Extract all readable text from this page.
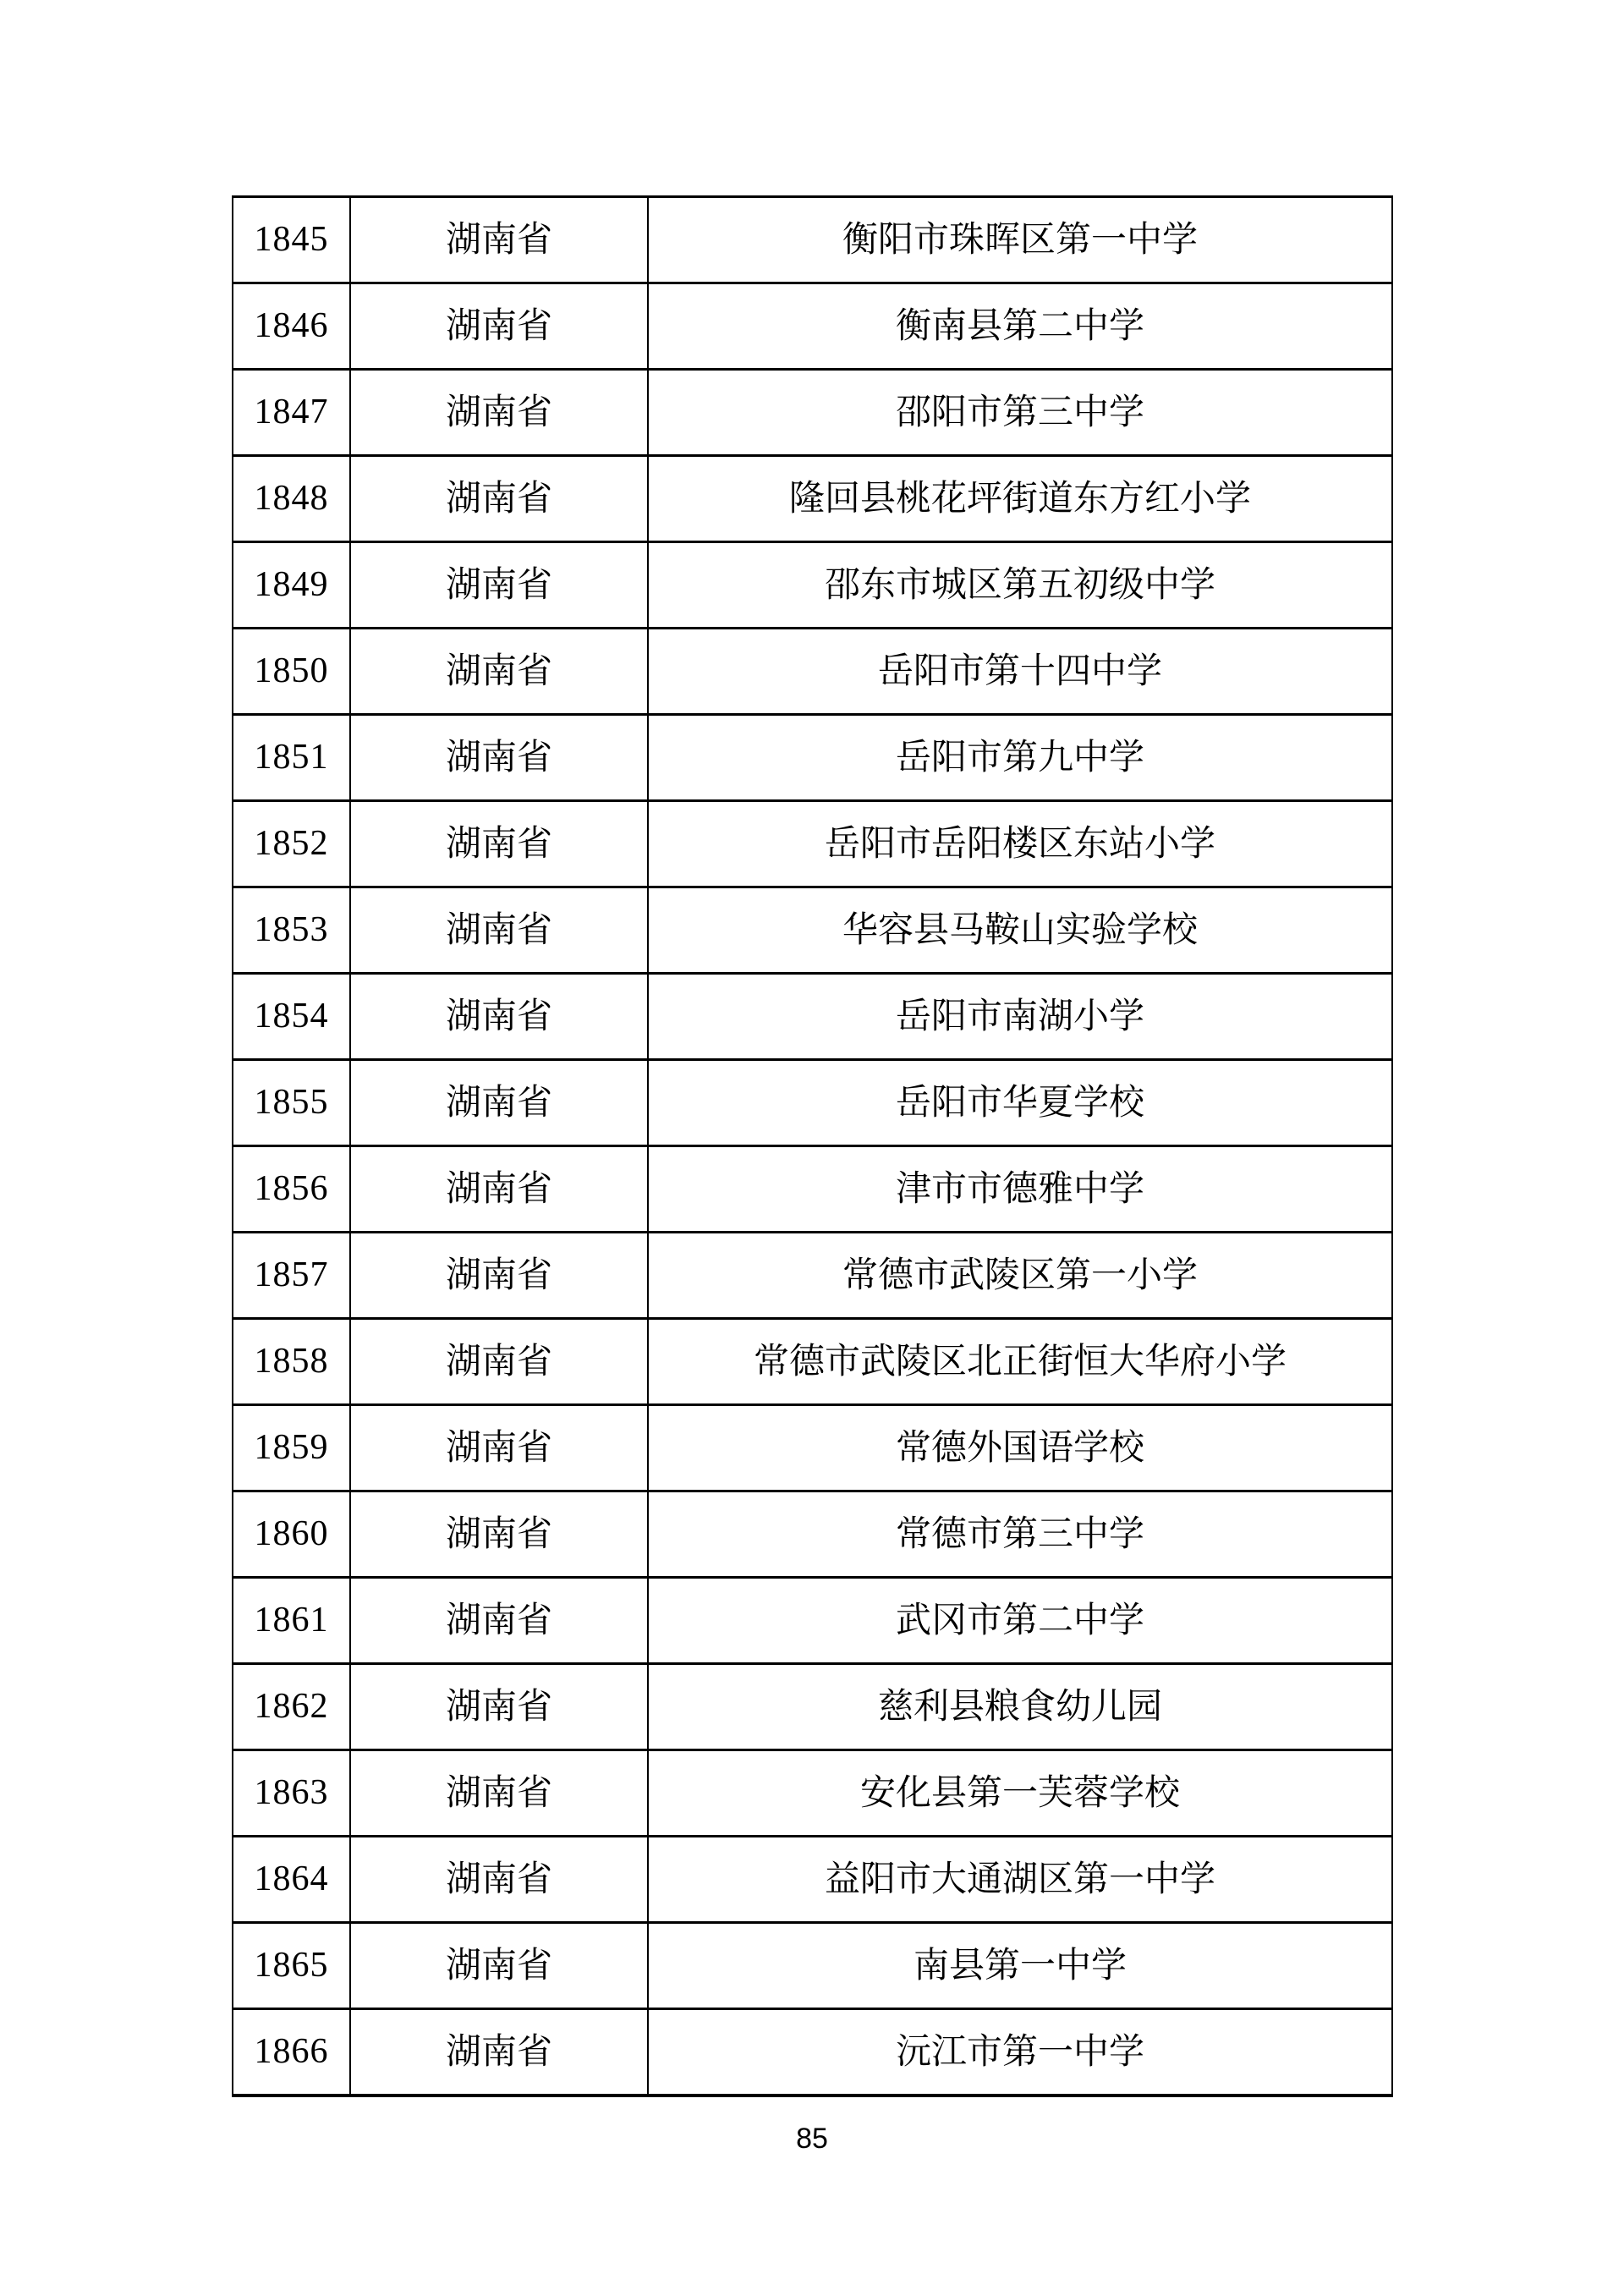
1845	湖南省	衡阳市珠晖区第一中学
1846	湖南省	衡南县第二中学
1847	湖南省	邵阳市第三中学
1848	湖南省	隆回县桃花坪街道东方红小学
1849	湖南省	邵东市城区第五初级中学
1850	湖南省	岳阳市第十四中学
1851	湖南省	岳阳市第九中学
1852	湖南省	岳阳市岳阳楼区东站小学
1853	湖南省	华容县马鞍山实验学校
1854	湖南省	岳阳市南湖小学
1855	湖南省	岳阳市华夏学校
1856	湖南省	津市市德雅中学
1857	湖南省	常德市武陵区第一小学
1858	湖南省	常德市武陵区北正街恒大华府小学
1859	湖南省	常德外国语学校
1860	湖南省	常德市第三中学
1861	湖南省	武冈市第二中学
1862	湖南省	慈利县粮食幼儿园
1863	湖南省	安化县第一芙蓉学校
1864	湖南省	益阳市大通湖区第一中学
1865	湖南省	南县第一中学
1866	湖南省	沅江市第一中学
85
